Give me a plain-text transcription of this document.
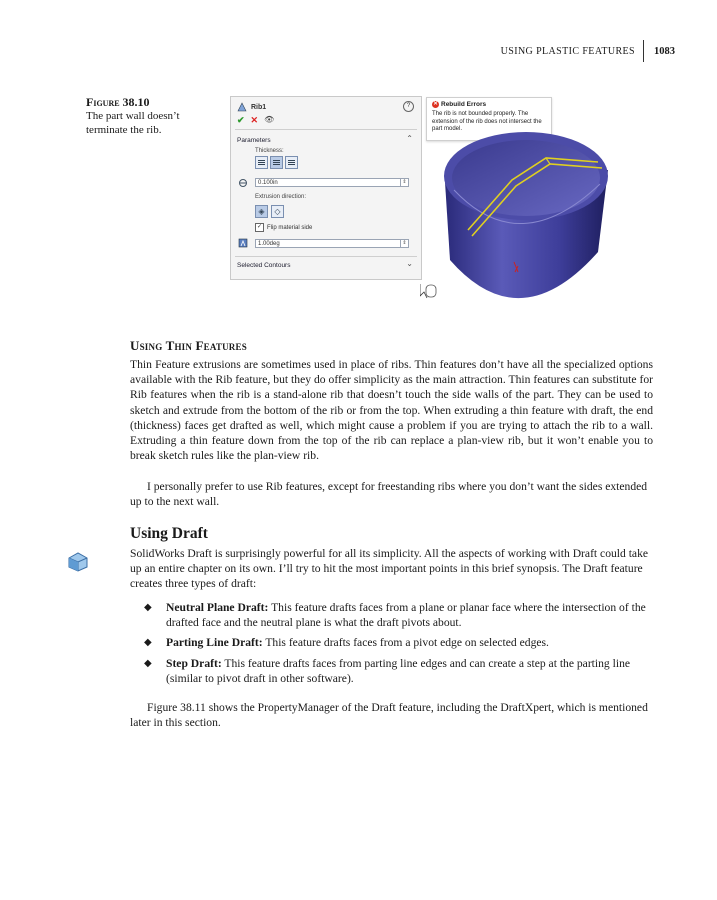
USING PLASTIC FEATURES	1083
Figure 38.10
The part wall doesn’t terminate the rib.
Rib1	?
✔ ✕ 👁
Parameters	⌃
Thickness:
0.100in	⇕
Extrusion direction:
◈	◇
✓ Flip material side
1.00deg	⇕
Selected Contours	⌄
✕ Rebuild Errors
The rib is not bounded properly. The extension of the rib does not intersect the part model.
Using Thin Features
Thin Feature extrusions are sometimes used in place of ribs. Thin features don’t have all the specialized options available with the Rib feature, but they do offer simplicity as the main attraction. Thin features can substitute for Rib features when the rib is a stand-alone rib that doesn’t touch the side walls of the part. They can be used to sketch and extrude from the bottom of the rib or from the top. When extruding a thin feature with draft, the end (thickness) faces get drafted as well, which might cause a problem if you are trying to attach the rib to a wall. Extruding a thin feature down from the top of the rib can replace a plan-view rib, but it won’t enable you to break sketch rules like the plan-view rib.
I personally prefer to use Rib features, except for freestanding ribs where you don’t want the sides extended up to the next wall.
Using Draft
SolidWorks Draft is surprisingly powerful for all its simplicity. All the aspects of working with Draft could take up an entire chapter on its own. I’ll try to hit the most important points in this brief synopsis. The Draft feature creates three types of draft:
◆ Neutral Plane Draft: This feature drafts faces from a plane or planar face where the intersection of the drafted face and the neutral plane is what the draft pivots about.
◆ Parting Line Draft: This feature drafts faces from a pivot edge on selected edges.
◆ Step Draft: This feature drafts faces from parting line edges and can create a step at the parting line (similar to pivot draft in other software).
Figure 38.11 shows the PropertyManager of the Draft feature, including the DraftXpert, which is mentioned later in this section.
